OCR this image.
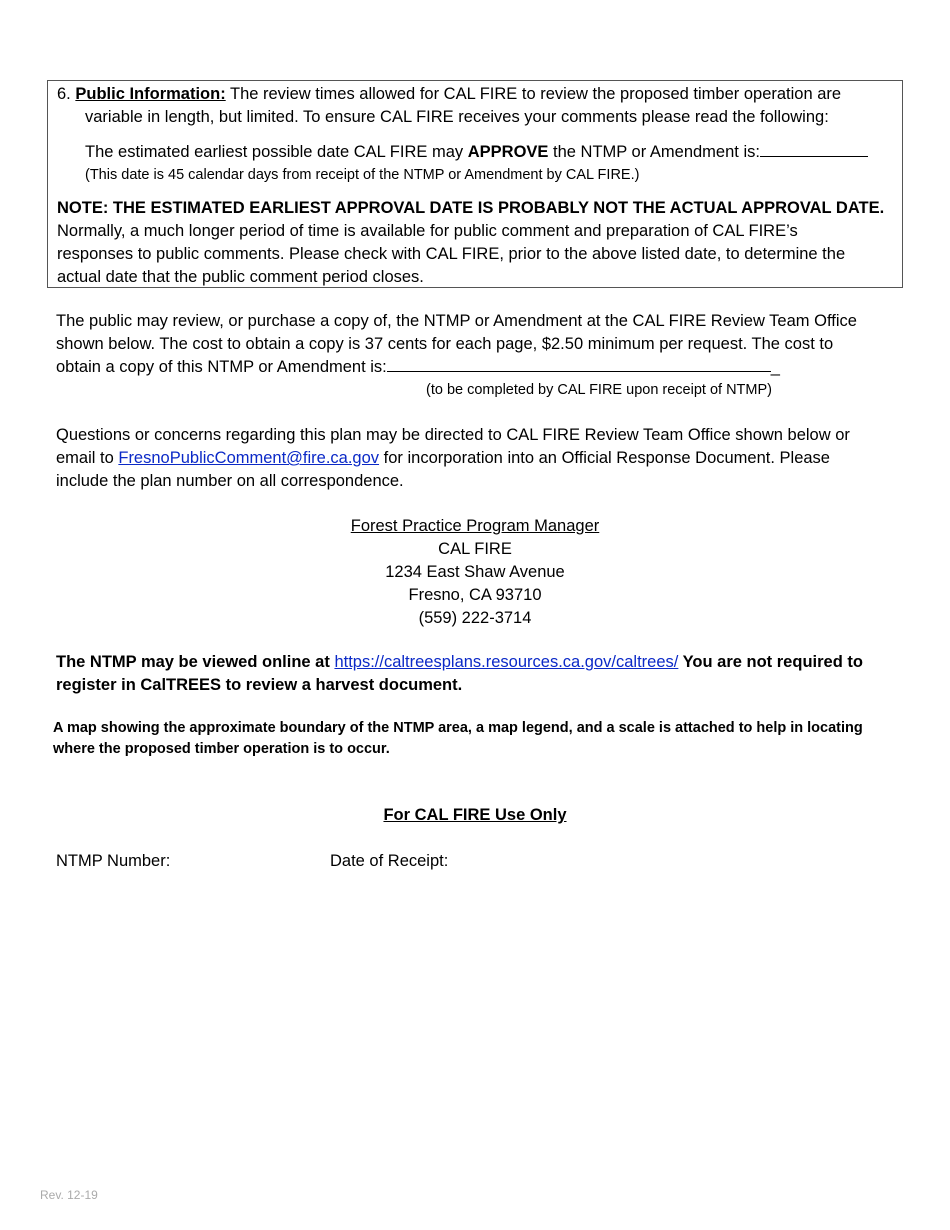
6. Public Information: The review times allowed for CAL FIRE to review the proposed timber operation are
variable in length, but limited. To ensure CAL FIRE receives your comments please read the following:
The estimated earliest possible date CAL FIRE may APPROVE the NTMP or Amendment is:
(This date is 45 calendar days from receipt of the NTMP or Amendment by CAL FIRE.)
NOTE: THE ESTIMATED EARLIEST APPROVAL DATE IS PROBABLY NOT THE ACTUAL APPROVAL DATE.
Normally, a much longer period of time is available for public comment and preparation of CAL FIRE’s
responses to public comments. Please check with CAL FIRE, prior to the above listed date, to determine the
actual date that the public comment period closes.
The public may review, or purchase a copy of, the NTMP or Amendment at the CAL FIRE Review Team Office
shown below. The cost to obtain a copy is 37 cents for each page, $2.50 minimum per request. The cost to
obtain a copy of this NTMP or Amendment is:	_
(to be completed by CAL FIRE upon receipt of NTMP)
Questions or concerns regarding this plan may be directed to CAL FIRE Review Team Office shown below or
email to FresnoPublicComment@fire.ca.gov for incorporation into an Official Response Document. Please
include the plan number on all correspondence.
Forest Practice Program Manager
CAL FIRE
1234 East Shaw Avenue
Fresno, CA 93710
(559) 222-3714
The NTMP may be viewed online at https://caltreesplans.resources.ca.gov/caltrees/ You are not required to
register in CalTREES to review a harvest document.
A map showing the approximate boundary of the NTMP area, a map legend, and a scale is attached to help in locating
where the proposed timber operation is to occur.
For CAL FIRE Use Only
NTMP Number:	Date of Receipt:
Rev. 12-19
